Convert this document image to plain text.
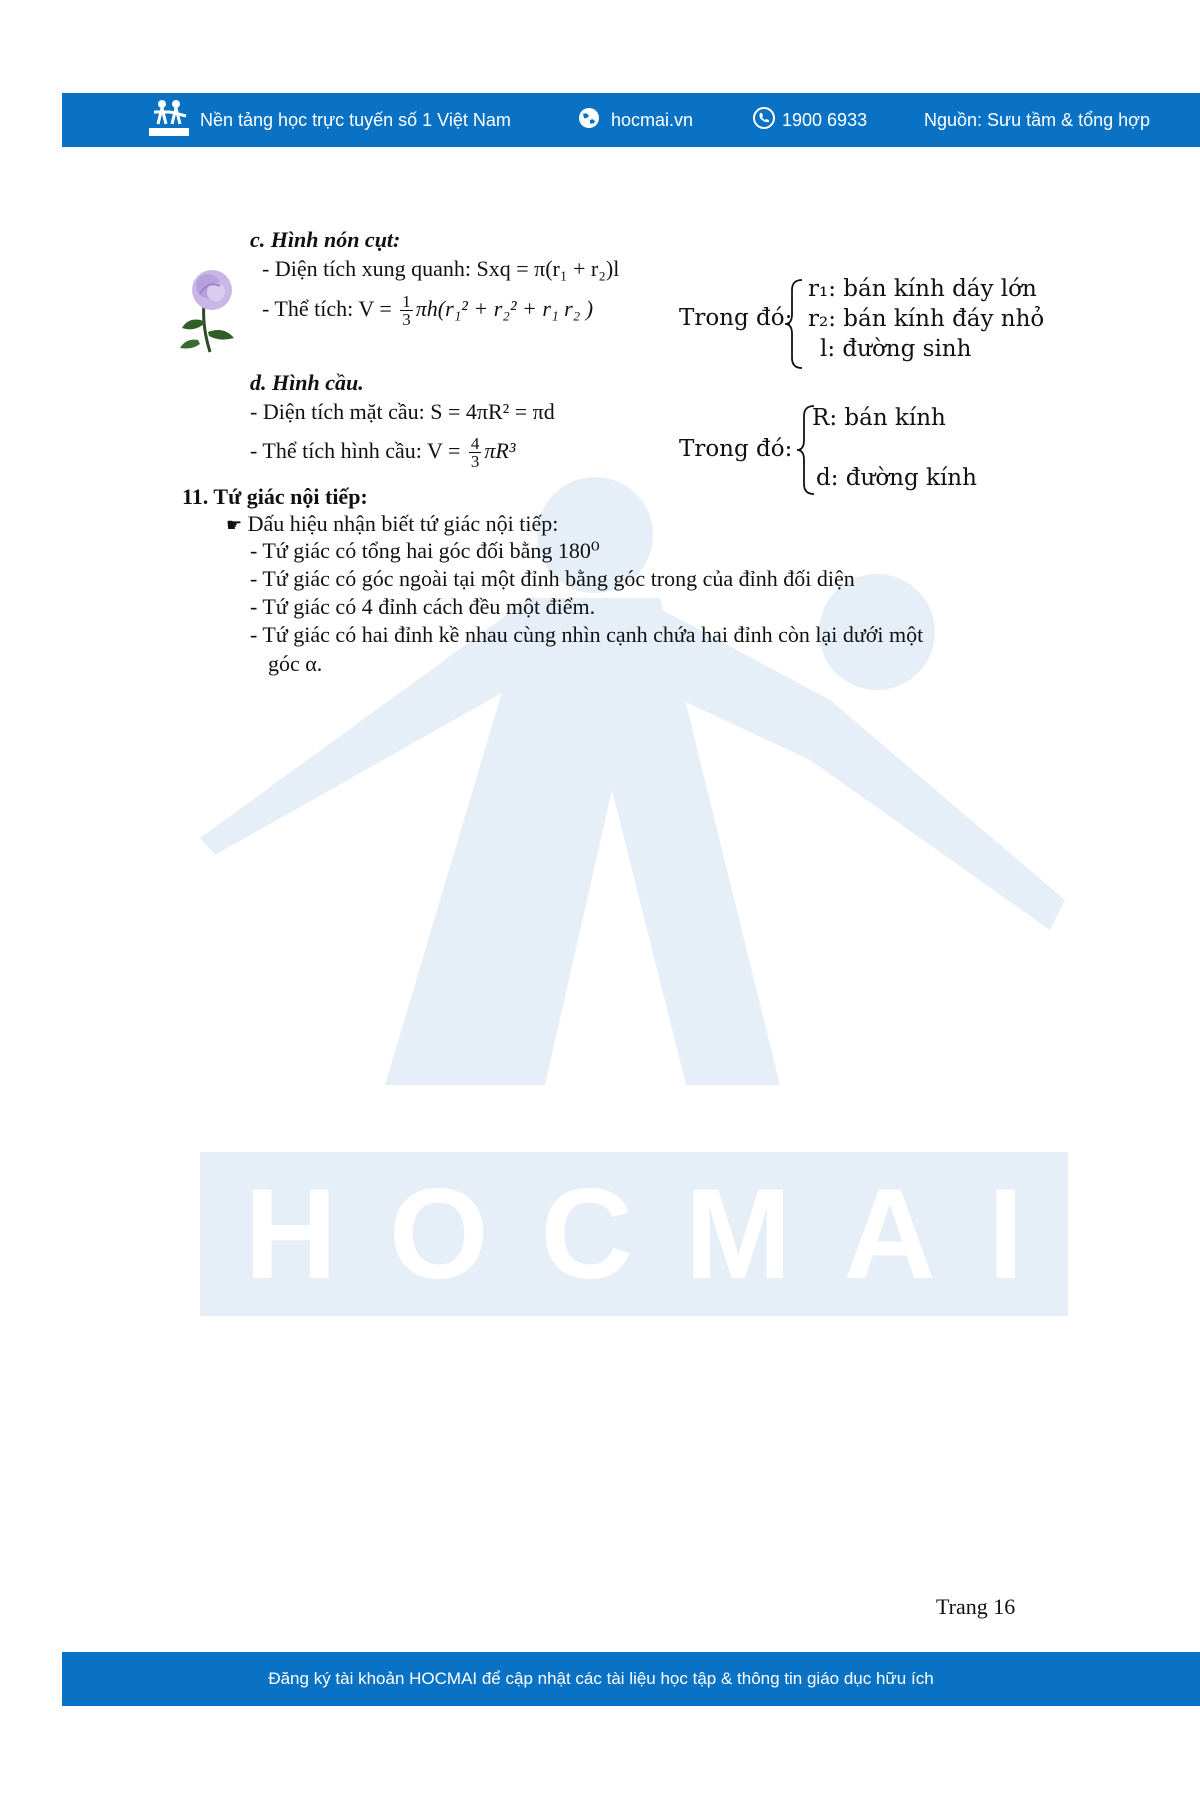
HOCMAI
Nền tảng học trực tuyến số 1 Việt Nam	hocmai.vn	1900 6933	Nguồn: Sưu tầm & tổng hợp
c. Hình nón cụt:
- Diện tích xung quanh: Sxq = π(r₁ + r₂)l
- Thể tích: $V = \frac{1}{3} \pi h(r_1^2 + r_2^2 + r_1$ r₂ )	Trong đó:
r₁: bán kính dáy lớn
r₂: bán kính đáy nhỏ
l: đường sinh
d. Hình cầu.
- Diện tích mặt cầu: S = 4πR² = πd
- Thể tích hình cầu: $V = \frac{4}{3} \pi R^3$	Trong đó:
R: bán kính
d: đường kính
11. Tứ giác nội tiếp:
☛ Dấu hiệu nhận biết tứ giác nội tiếp:
- Tứ giác có tổng hai góc đối bằng 180⁰
- Tứ giác có góc ngoài tại một đỉnh bằng góc trong của đỉnh đối diện
- Tứ giác có 4 đỉnh cách đều một điểm.
- Tứ giác có hai đỉnh kề nhau cùng nhìn cạnh chứa hai đỉnh còn lại dưới một
góc α.
Trang 16
Đăng ký tài khoản HOCMAI để cập nhật các tài liệu học tập & thông tin giáo dục hữu ích
